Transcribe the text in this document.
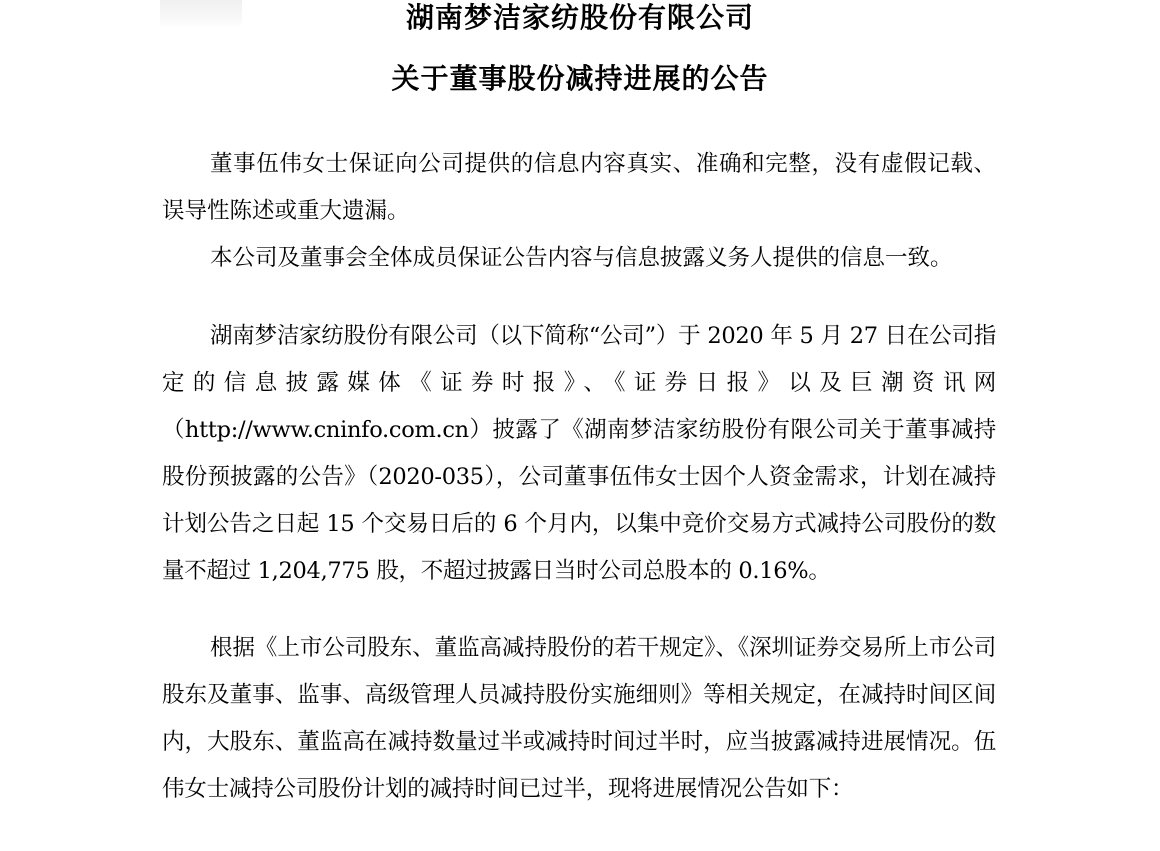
湖南梦洁家纺股份有限公司
关于董事股份减持进展的公告

董事伍伟女士保证向公司提供的信息内容真实、准确和完整，没有虚假记载、误导性陈述或重大遗漏。

本公司及董事会全体成员保证公告内容与信息披露义务人提供的信息一致。

湖南梦洁家纺股份有限公司（以下简称“公司”）于 2020 年 5 月 27 日在公司指定的信息披露媒体《证券时报》、《证券日报》以及巨潮资讯网（http://www.cninfo.com.cn）披露了《湖南梦洁家纺股份有限公司关于董事减持股份预披露的公告》（2020-035），公司董事伍伟女士因个人资金需求，计划在减持计划公告之日起 15 个交易日后的 6 个月内，以集中竞价交易方式减持公司股份的数量不超过 1,204,775 股，不超过披露日当时公司总股本的 0.16%。

根据《上市公司股东、董监高减持股份的若干规定》、《深圳证券交易所上市公司股东及董事、监事、高级管理人员减持股份实施细则》等相关规定，在减持时间区间内，大股东、董监高在减持数量过半或减持时间过半时，应当披露减持进展情况。伍伟女士减持公司股份计划的减持时间已过半，现将进展情况公告如下：
